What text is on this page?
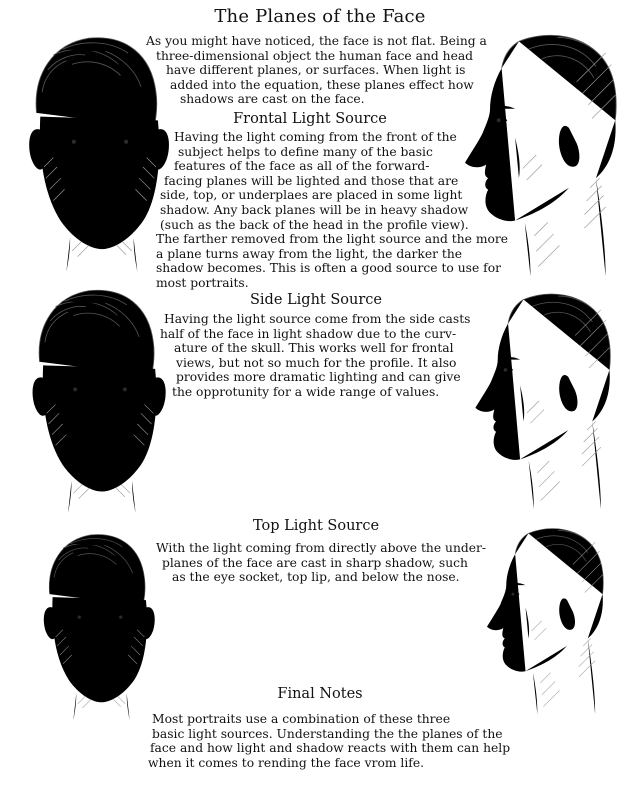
The Planes of the Face

As you might have noticed, the face is not flat. Being a
three-dimensional object the human face and head
have different planes, or surfaces. When light is
added into the equation, these planes effect how
shadows are cast on the face.

Frontal Light Source

Having the light coming from the front of the
subject helps to define many of the basic
features of the face as all of the forward-
facing planes will be lighted and those that are
side, top, or underplaes are placed in some light
shadow. Any back planes will be in heavy shadow
(such as the back of the head in the profile view).
The farther removed from the light source and the more
a plane turns away from the light, the darker the
shadow becomes. This is often a good source to use for
most portraits.

Side Light Source

Having the light source come from the side casts
half of the face in light shadow due to the curv-
ature of the skull. This works well for frontal
views, but not so much for the profile. It also
provides more dramatic lighting and can give
the opprotunity for a wide range of values.

Top Light Source

With the light coming from directly above the under-
planes of the face are cast in sharp shadow, such
as the eye socket, top lip, and below the nose.

Final Notes

Most portraits use a combination of these three
basic light sources. Understanding the the planes of the
face and how light and shadow reacts with them can help
when it comes to rending the face vrom life.
